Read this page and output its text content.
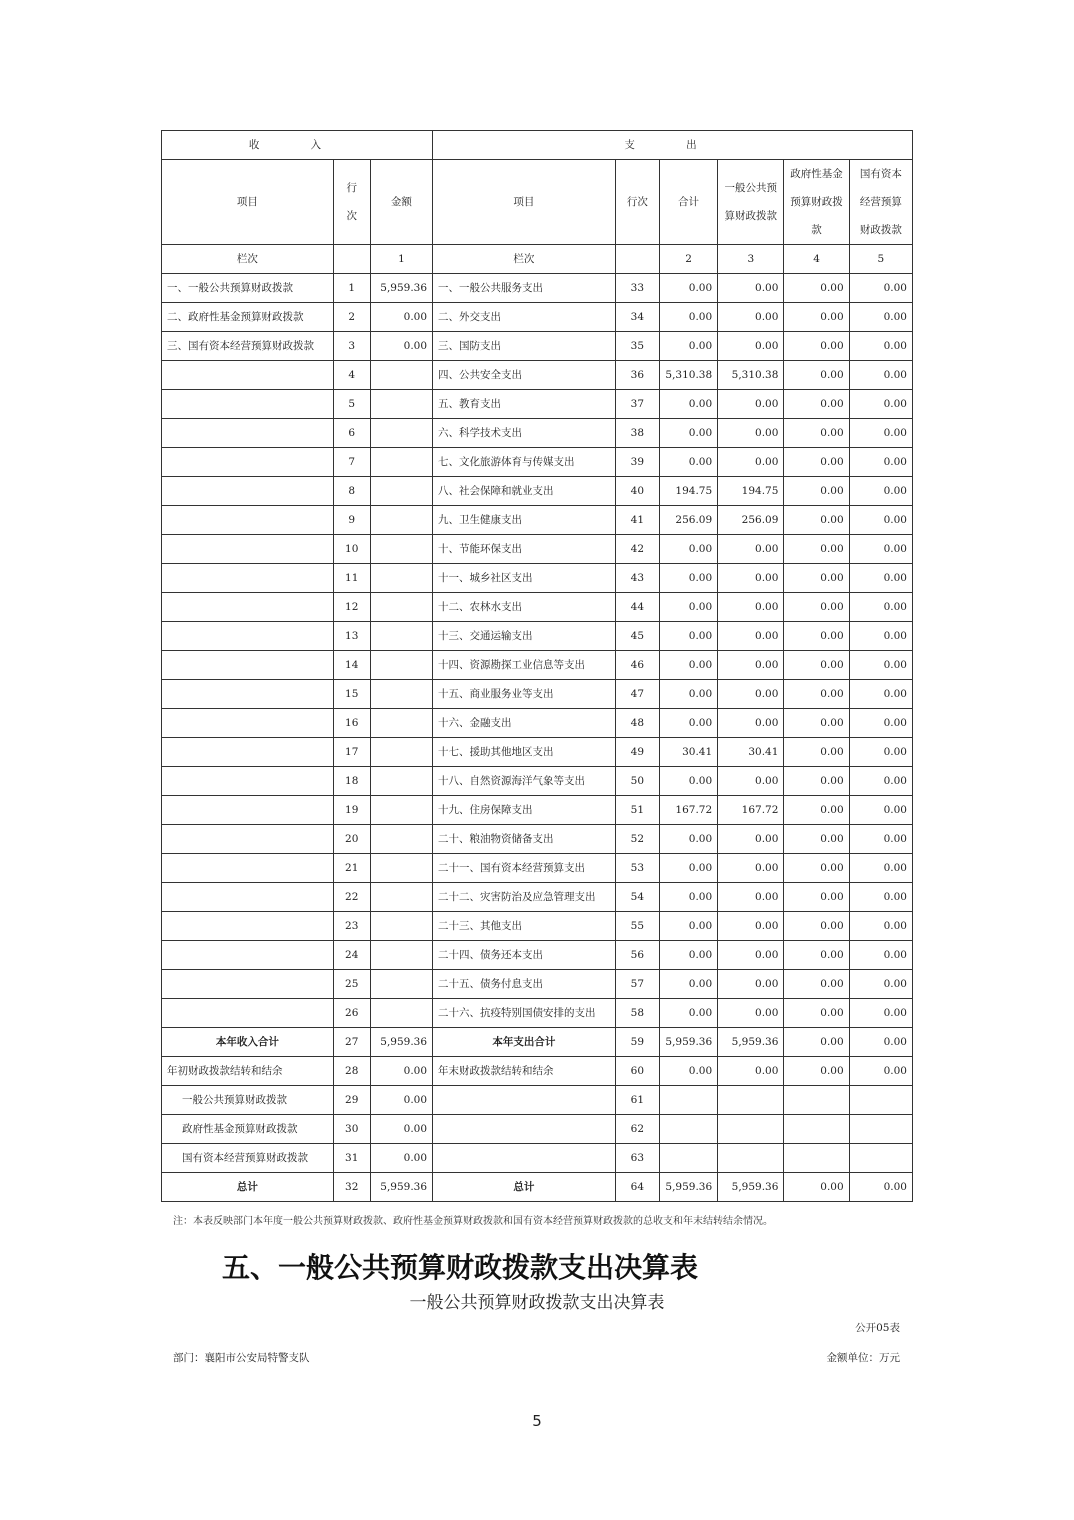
收 入			支 出					
项目	行次	金额	项目	行次	合计	一般公共预算财政拨款	政府性基金预算财政拨款	国有资本经营预算财政拨款
栏次		1	栏次		2	3	4	5
一、一般公共预算财政拨款	1	5,959.36	一、一般公共服务支出	33	0.00	0.00	0.00	0.00
二、政府性基金预算财政拨款	2	0.00	二、外交支出	34	0.00	0.00	0.00	0.00
三、国有资本经营预算财政拨款	3	0.00	三、国防支出	35	0.00	0.00	0.00	0.00
	4		四、公共安全支出	36	5,310.38	5,310.38	0.00	0.00
	5		五、教育支出	37	0.00	0.00	0.00	0.00
	6		六、科学技术支出	38	0.00	0.00	0.00	0.00
	7		七、文化旅游体育与传媒支出	39	0.00	0.00	0.00	0.00
	8		八、社会保障和就业支出	40	194.75	194.75	0.00	0.00
	9		九、卫生健康支出	41	256.09	256.09	0.00	0.00
	10		十、节能环保支出	42	0.00	0.00	0.00	0.00
	11		十一、城乡社区支出	43	0.00	0.00	0.00	0.00
	12		十二、农林水支出	44	0.00	0.00	0.00	0.00
	13		十三、交通运输支出	45	0.00	0.00	0.00	0.00
	14		十四、资源勘探工业信息等支出	46	0.00	0.00	0.00	0.00
	15		十五、商业服务业等支出	47	0.00	0.00	0.00	0.00
	16		十六、金融支出	48	0.00	0.00	0.00	0.00
	17		十七、援助其他地区支出	49	30.41	30.41	0.00	0.00
	18		十八、自然资源海洋气象等支出	50	0.00	0.00	0.00	0.00
	19		十九、住房保障支出	51	167.72	167.72	0.00	0.00
	20		二十、粮油物资储备支出	52	0.00	0.00	0.00	0.00
	21		二十一、国有资本经营预算支出	53	0.00	0.00	0.00	0.00
	22		二十二、灾害防治及应急管理支出	54	0.00	0.00	0.00	0.00
	23		二十三、其他支出	55	0.00	0.00	0.00	0.00
	24		二十四、债务还本支出	56	0.00	0.00	0.00	0.00
	25		二十五、债务付息支出	57	0.00	0.00	0.00	0.00
	26		二十六、抗疫特别国债安排的支出	58	0.00	0.00	0.00	0.00
本年收入合计	27	5,959.36	本年支出合计	59	5,959.36	5,959.36	0.00	0.00
年初财政拨款结转和结余	28	0.00	年末财政拨款结转和结余	60	0.00	0.00	0.00	0.00
一般公共预算财政拨款	29	0.00		61				
政府性基金预算财政拨款	30	0.00		62				
国有资本经营预算财政拨款	31	0.00		63				
总计	32	5,959.36	总计	64	5,959.36	5,959.36	0.00	0.00
注：本表反映部门本年度一般公共预算财政拨款、政府性基金预算财政拨款和国有资本经营预算财政拨款的总收支和年末结转结余情况。
五、一般公共预算财政拨款支出决算表
一般公共预算财政拨款支出决算表
公开05表
部门：襄阳市公安局特警支队	金额单位：万元
5
